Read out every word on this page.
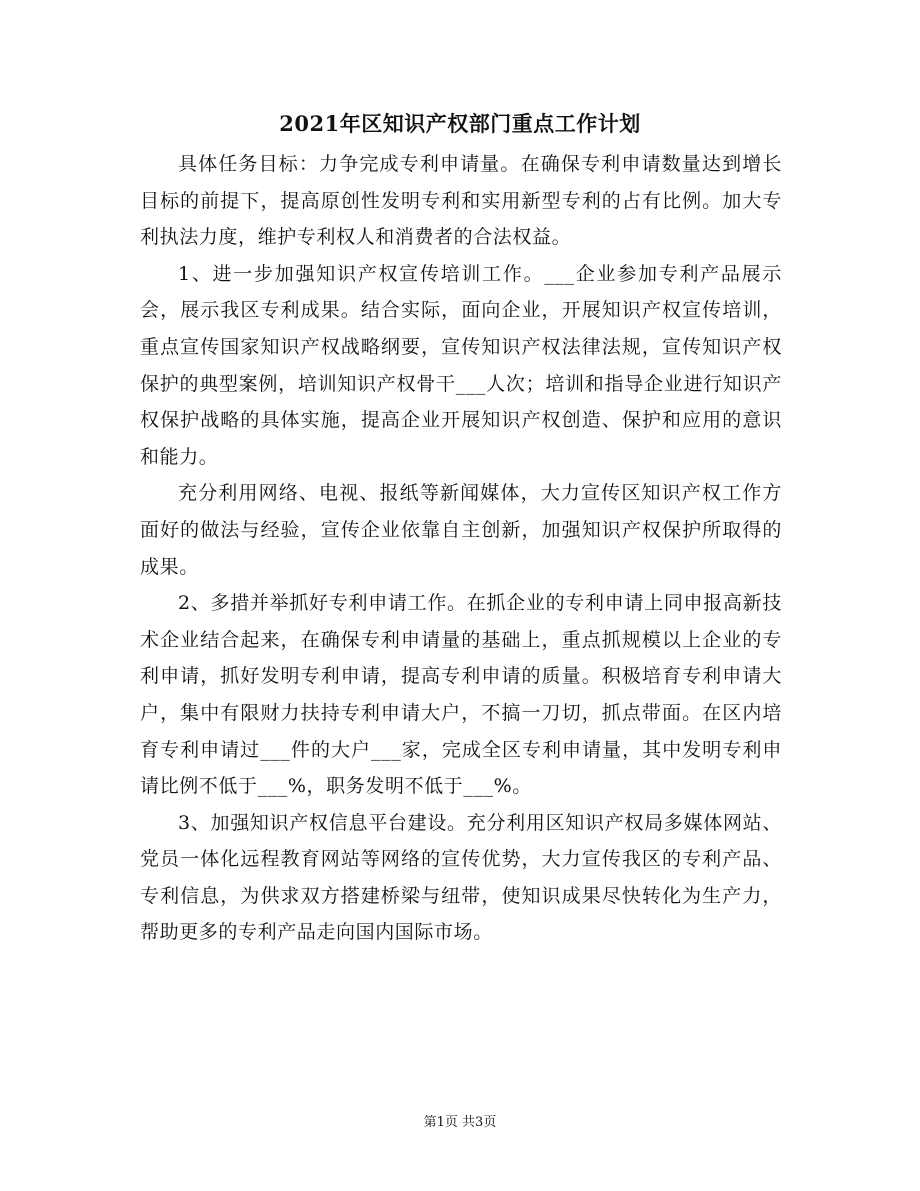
2021年区知识产权部门重点工作计划

具体任务目标：力争完成专利申请量。在确保专利申请数量达到增长目标的前提下，提高原创性发明专利和实用新型专利的占有比例。加大专利执法力度，维护专利权人和消费者的合法权益。

1、进一步加强知识产权宣传培训工作。___企业参加专利产品展示会，展示我区专利成果。结合实际，面向企业，开展知识产权宣传培训，重点宣传国家知识产权战略纲要，宣传知识产权法律法规，宣传知识产权保护的典型案例，培训知识产权骨干___人次；培训和指导企业进行知识产权保护战略的具体实施，提高企业开展知识产权创造、保护和应用的意识和能力。

充分利用网络、电视、报纸等新闻媒体，大力宣传区知识产权工作方面好的做法与经验，宣传企业依靠自主创新，加强知识产权保护所取得的成果。

2、多措并举抓好专利申请工作。在抓企业的专利申请上同申报高新技术企业结合起来，在确保专利申请量的基础上，重点抓规模以上企业的专利申请，抓好发明专利申请，提高专利申请的质量。积极培育专利申请大户，集中有限财力扶持专利申请大户，不搞一刀切，抓点带面。在区内培育专利申请过___件的大户___家，完成全区专利申请量，其中发明专利申请比例不低于___%，职务发明不低于___%。

3、加强知识产权信息平台建设。充分利用区知识产权局多媒体网站、党员一体化远程教育网站等网络的宣传优势，大力宣传我区的专利产品、专利信息，为供求双方搭建桥梁与纽带，使知识成果尽快转化为生产力，帮助更多的专利产品走向国内国际市场。

第1页 共3页
